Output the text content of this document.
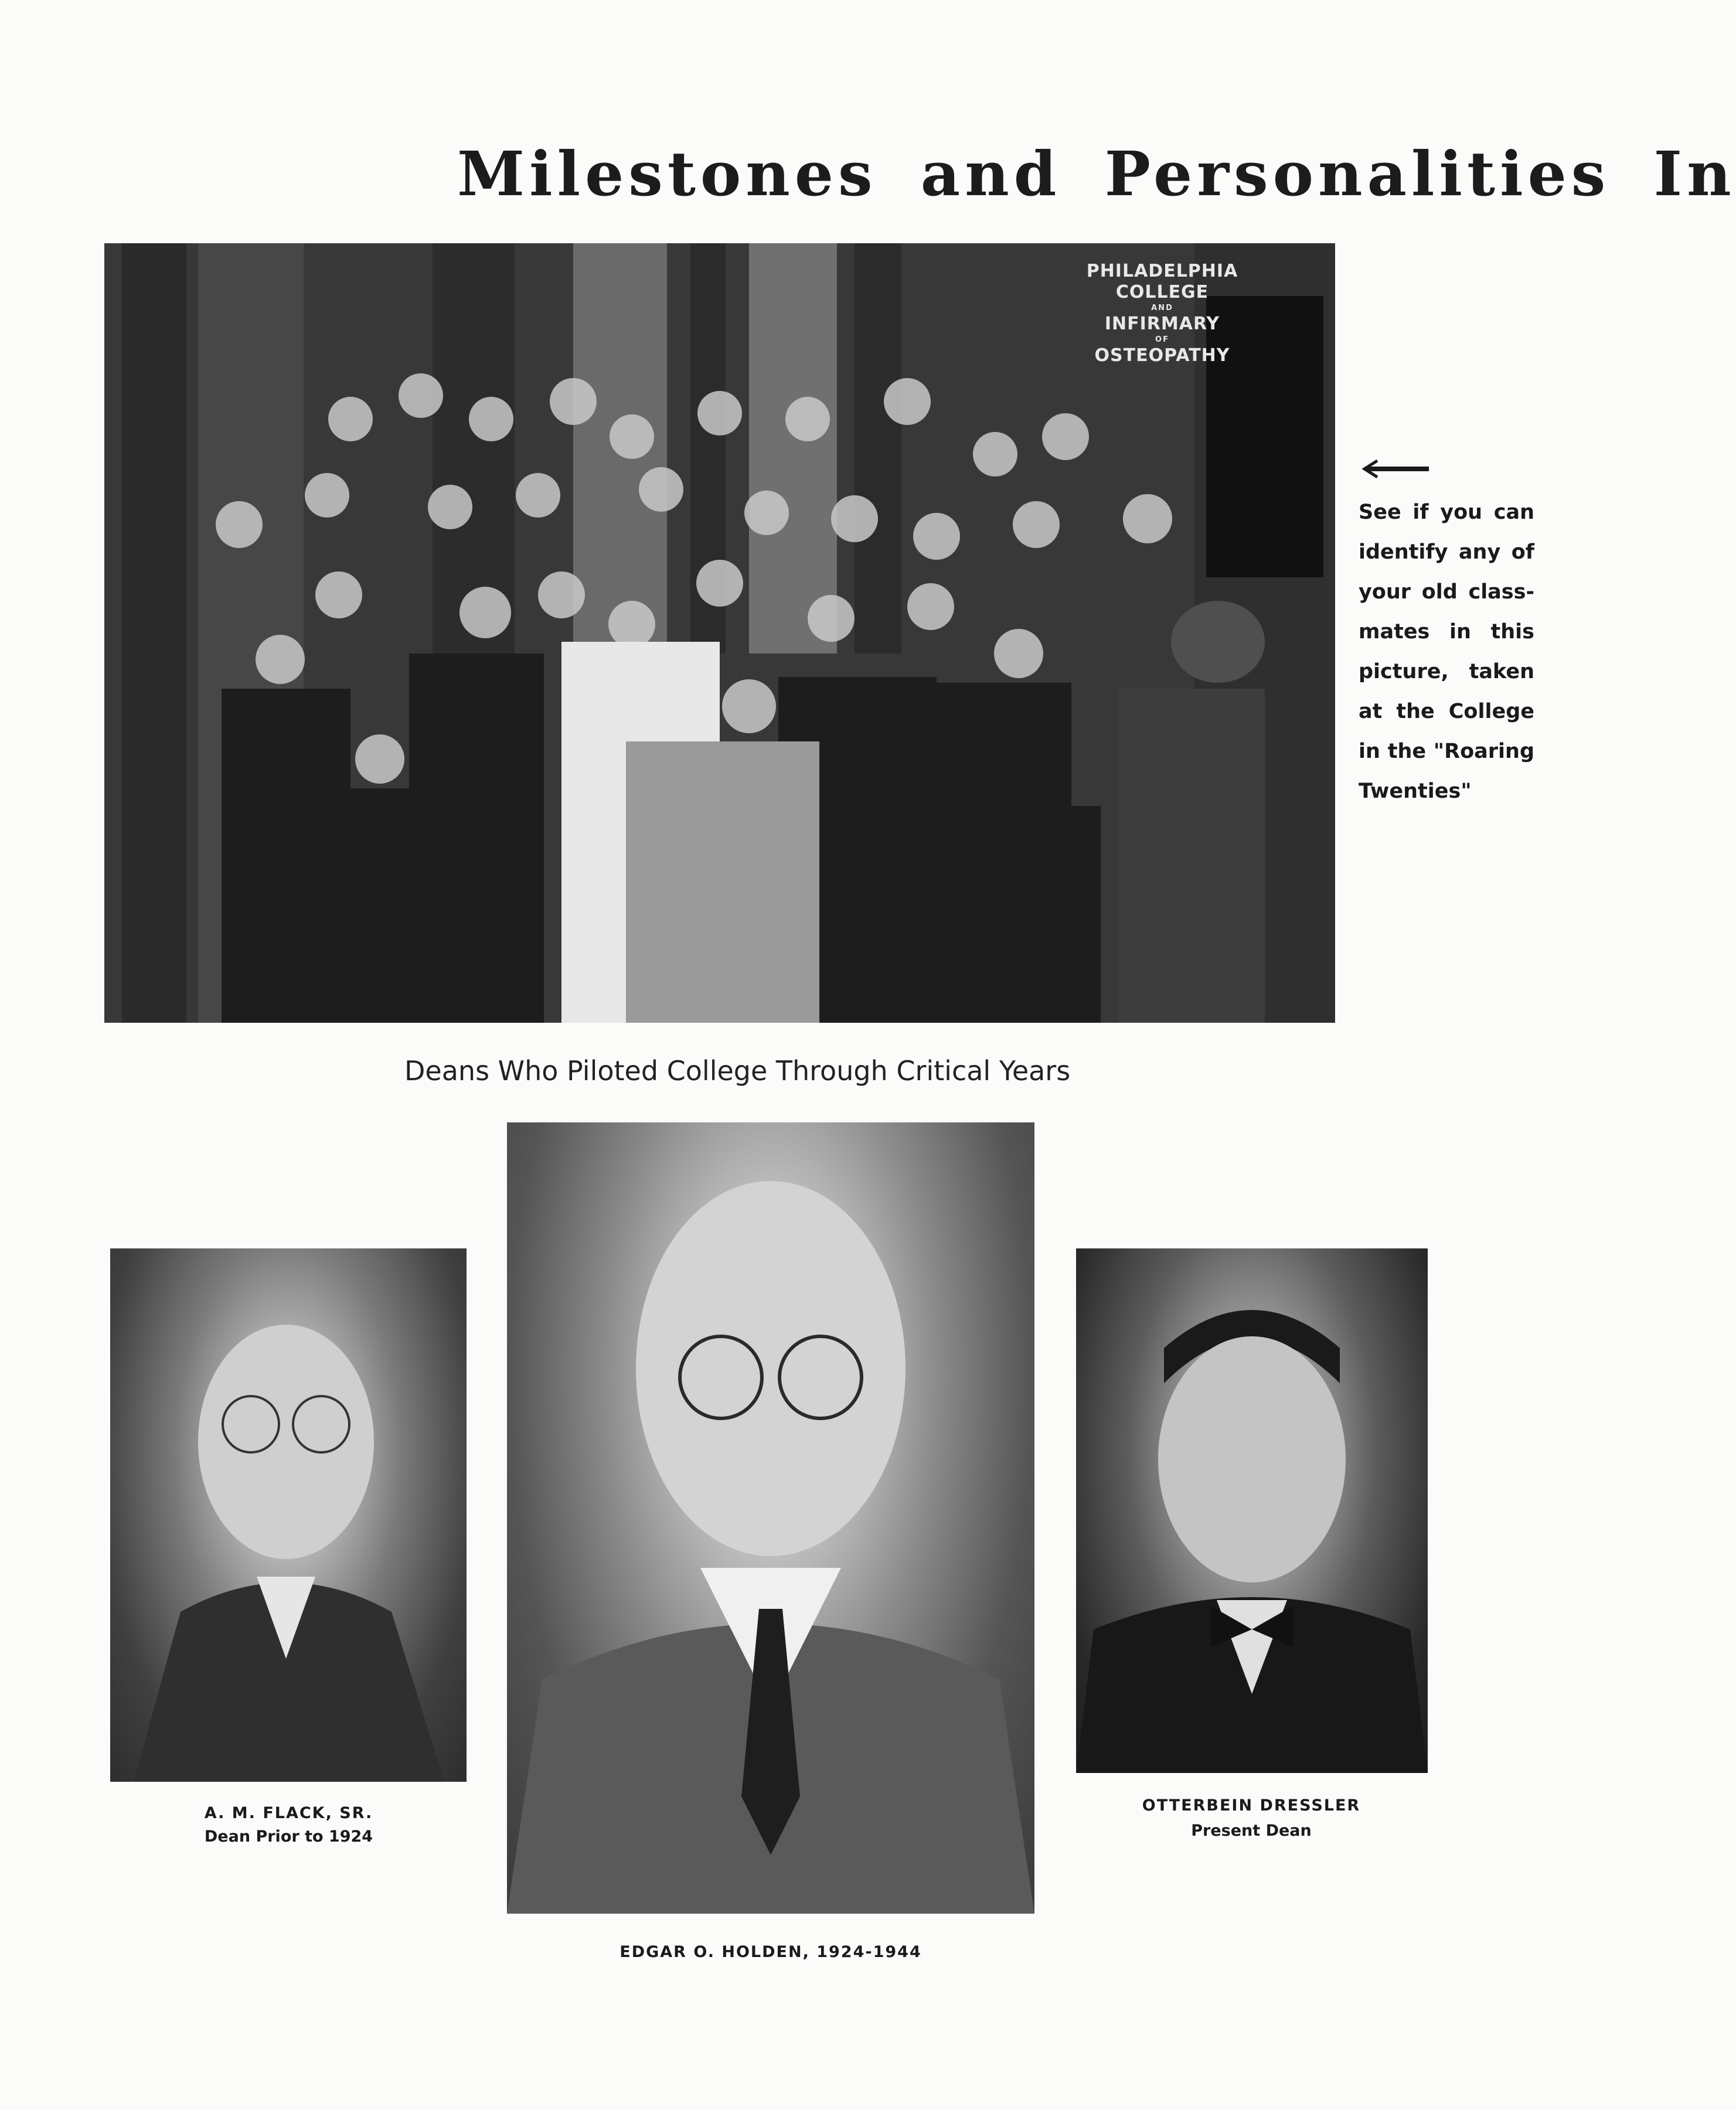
Milestones and Personalities In
PHILADELPHIA
COLLEGE
AND
INFIRMARY
OF
OSTEOPATHY
See if you can identify any of your old class-mates in this picture, taken at the College in the "Roaring Twenties"
Deans Who Piloted College Through Critical Years
A. M. FLACK, SR.
Dean Prior to 1924
OTTERBEIN DRESSLER
Present Dean
EDGAR O. HOLDEN, 1924-1944
